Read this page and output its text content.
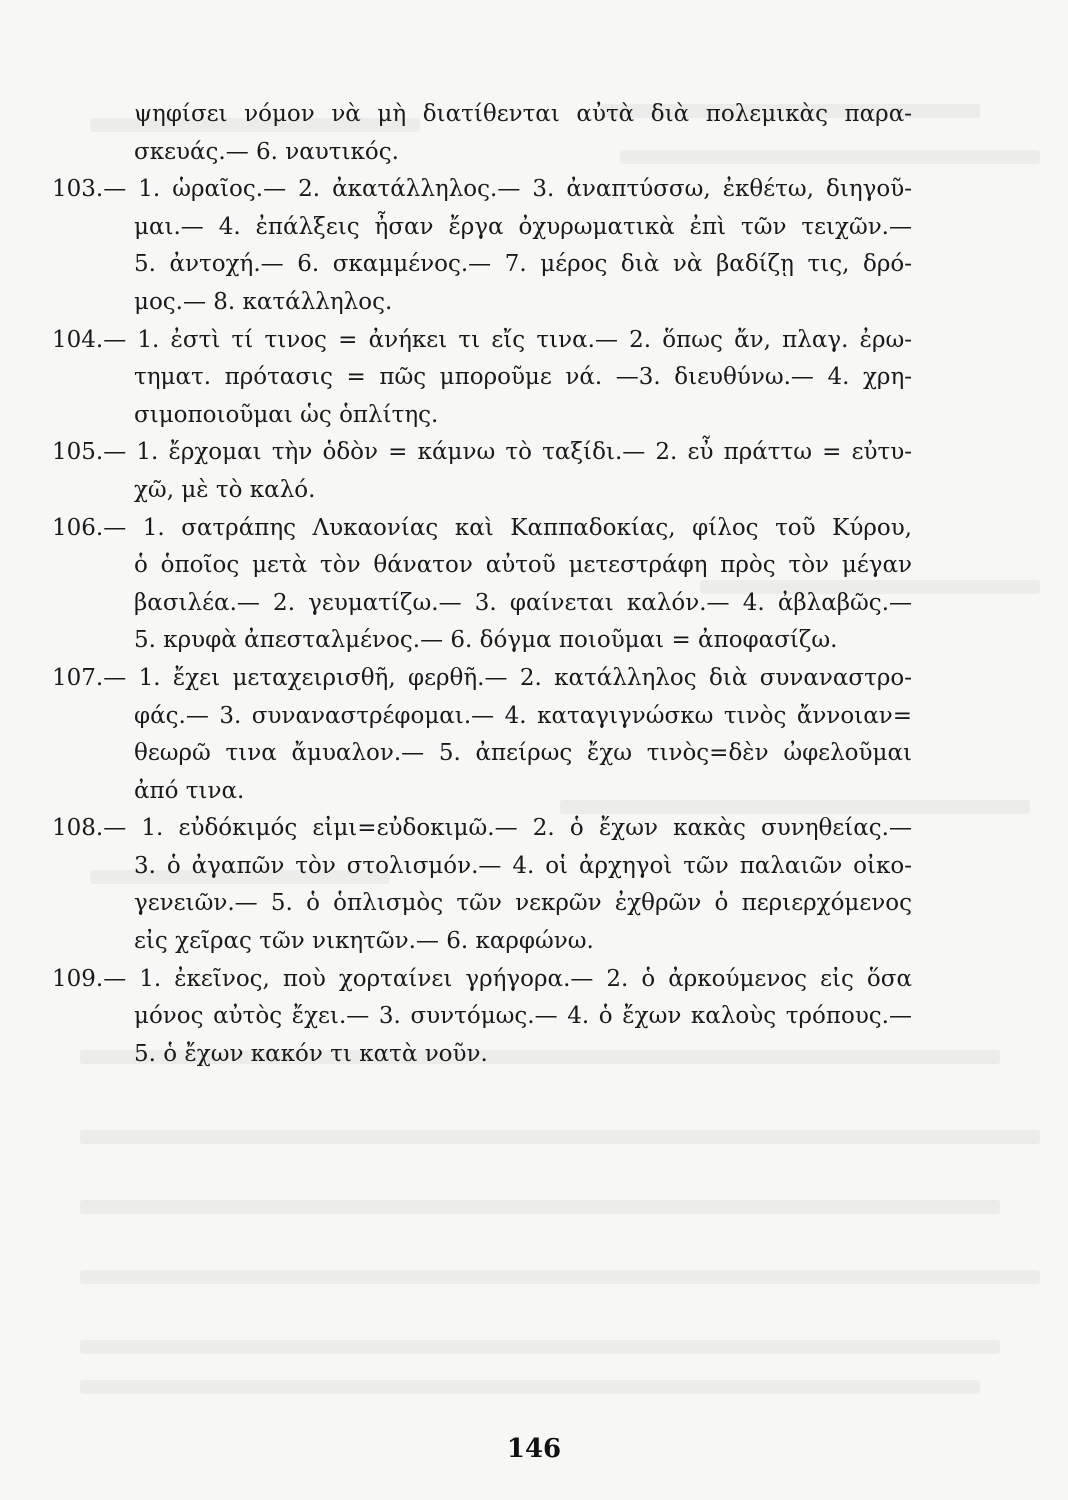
ψηφίσει νόμον νὰ μὴ διατίθενται αὐτὰ διὰ πολεμικὰς παρα-
σκευάς.— 6. ναυτικός.
103.— 1. ὡραῖος.— 2. ἀκατάλληλος.— 3. ἀναπτύσσω, ἐκθέτω, διηγοῦ-
μαι.— 4. ἐπάλξεις ἦσαν ἔργα ὀχυρωματικὰ ἐπὶ τῶν τειχῶν.—
5. ἀντοχή.— 6. σκαμμένος.— 7. μέρος διὰ νὰ βαδίζῃ τις, δρό-
μος.— 8. κατάλληλος.
104.— 1. ἐστὶ τί τινος = ἀνήκει τι εἴς τινα.— 2. ὅπως ἄν, πλαγ. ἐρω-
τηματ. πρότασις = πῶς μποροῦμε νά. —3. διευθύνω.— 4. χρη-
σιμοποιοῦμαι ὡς ὁπλίτης.
105.— 1. ἔρχομαι τὴν ὁδὸν = κάμνω τὸ ταξίδι.— 2. εὖ πράττω = εὐτυ-
χῶ, μὲ τὸ καλό.
106.— 1. σατράπης Λυκαονίας καὶ Καππαδοκίας, φίλος τοῦ Κύρου,
ὁ ὁποῖος μετὰ τὸν θάνατον αὐτοῦ μετεστράφη πρὸς τὸν μέγαν
βασιλέα.— 2. γευματίζω.— 3. φαίνεται καλόν.— 4. ἀβλαβῶς.—
5. κρυφὰ ἀπεσταλμένος.— 6. δόγμα ποιοῦμαι = ἀποφασίζω.
107.— 1. ἔχει μεταχειρισθῆ, φερθῆ.— 2. κατάλληλος διὰ συναναστρο-
φάς.— 3. συναναστρέφομαι.— 4. καταγιγνώσκω τινὸς ἄννοιαν=
θεωρῶ τινα ἄμυαλον.— 5. ἀπείρως ἔχω τινὸς=δὲν ὠφελοῦμαι
ἀπό τινα.
108.— 1. εὐδόκιμός εἰμι=εὐδοκιμῶ.— 2. ὁ ἔχων κακὰς συνηθείας.—
3. ὁ ἀγαπῶν τὸν στολισμόν.— 4. οἱ ἀρχηγοὶ τῶν παλαιῶν οἰκο-
γενειῶν.— 5. ὁ ὁπλισμὸς τῶν νεκρῶν ἐχθρῶν ὁ περιερχόμενος
εἰς χεῖρας τῶν νικητῶν.— 6. καρφώνω.
109.— 1. ἐκεῖνος, ποὺ χορταίνει γρήγορα.— 2. ὁ ἀρκούμενος εἰς ὅσα
μόνος αὐτὸς ἔχει.— 3. συντόμως.— 4. ὁ ἔχων καλοὺς τρόπους.—
5. ὁ ἔχων κακόν τι κατὰ νοῦν.
146
